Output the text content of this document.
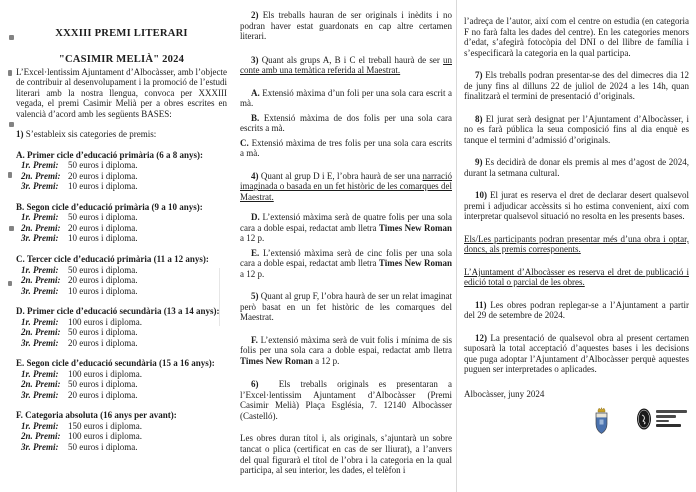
XXXIII PREMI LITERARI
"CASIMIR MELIÀ" 2024

L’Excel·lentissim Ajuntament d’Albocàsser, amb l’objecte de contribuir al desenvolupament i la promoció de l’estudi literari amb la nostra llengua, convoca per XXXIII vegada, el premi Casimir Melià per a obres escrites en valencià d’acord amb les següents BASES:

1) S’estableix sis categories de premis:

A. Primer cicle d’educació primària (6 a 8 anys):
1r. Premi: 50 euros i diploma.
2n. Premi: 20 euros i diploma.
3r. Premi: 10 euros i diploma.
B. Segon cicle d’educació primària (9 a 10 anys):
1r. Premi: 50 euros i diploma.
2n. Premi: 20 euros i diploma.
3r. Premi: 10 euros i diploma.
C. Tercer cicle d’educació primària (11 a 12 anys):
1r. Premi: 50 euros i diploma.
2n. Premi: 20 euros i diploma.
3r. Premi: 10 euros i diploma.
D. Primer cicle d’educació secundària (13 a 14 anys):
1r. Premi: 100 euros i diploma.
2n. Premi: 50 euros i diploma.
3r. Premi: 20 euros i diploma.
E. Segon cicle d’educació secundària (15 a 16 anys):
1r. Premi: 100 euros i diploma.
2n. Premi: 50 euros i diploma.
3r. Premi: 20 euros i diploma.
F. Categoria absoluta (16 anys per avant):
1r. Premi: 150 euros i diploma.
2n. Premi: 100 euros i diploma.
3r. Premi: 50 euros i diploma.

2) Els treballs hauran de ser originals i inèdits i no podran haver estat guardonats en cap altre certamen literari.

3) Quant als grups A, B i C el treball haurà de ser un conte amb una temàtica referida al Maestrat.

A. Extensió màxima d’un foli per una sola cara escrit a mà.

B. Extensió màxima de dos folis per una sola cara escrits a mà.

C. Extensió màxima de tres folis per una sola cara escrits a mà.

4) Quant al grup D i E, l’obra haurà de ser una narració imaginada o basada en un fet històric de les comarques del Maestrat.

D. L’extensió màxima serà de quatre folis per una sola cara a doble espai, redactat amb lletra Times New Roman a 12 p.

E. L’extensió màxima serà de cinc folis per una sola cara a doble espai, redactat amb lletra Times New Roman a 12 p.

5) Quant al grup F, l’obra haurà de ser un relat imaginat però basat en un fet històric de les comarques del Maestrat.

F. L’extensió màxima serà de vuit folis i mínima de sis folis per una sola cara a doble espai, redactat amb lletra Times New Roman a 12 p.

6) Els treballs originals es presentaran a l’Excel·lentissim Ajuntament d’Albocàsser (Premi Casimir Melià) Plaça Església, 7. 12140 Albocàsser (Castelló).

Les obres duran títol i, als originals, s’ajuntarà un sobre tancat o plica (certificat en cas de ser lliurat), a l’anvers del qual figurarà el títol de l’obra i la categoria en la qual participa, al seu interior, les dades, el telèfon i

l’adreça de l’autor, així com el centre on estudia (en categoria F no farà falta les dades del centre). En les categories menors d’edat, s’afegirà fotocòpia del DNI o del llibre de família i s’especificarà la categoria en la qual participa.

7) Els treballs podran presentar-se des del dimecres dia 12 de juny fins al dilluns 22 de juliol de 2024 a les 14h, quan finalitzarà el termini de presentació d’originals.

8) El jurat serà designat per l’Ajuntament d’Albocàsser, i no es farà pública la seua composició fins al dia enquè es tanque el termini d’admissió d’originals.

9) Es decidirà de donar els premis al mes d’agost de 2024, durant la setmana cultural.

10) El jurat es reserva el dret de declarar desert qualsevol premi i adjudicar accèssits si ho estima convenient, així com interpretar qualsevol situació no resolta en les presents bases.

Els/Les participants podran presentar més d’una obra i optar, doncs, als premis corresponents.

L’Ajuntament d’Albocàsser es reserva el dret de publicació i edició total o parcial de les obres.

11) Les obres podran replegar-se a l’Ajuntament a partir del 29 de setembre de 2024.

12) La presentació de qualsevol obra al present certamen suposarà la total acceptació d’aquestes bases i les decisions que puga adoptar l’Ajuntament d’Albocàsser perquè aquestes puguen ser interpretades o aplicades.

Albocàsser, juny 2024
